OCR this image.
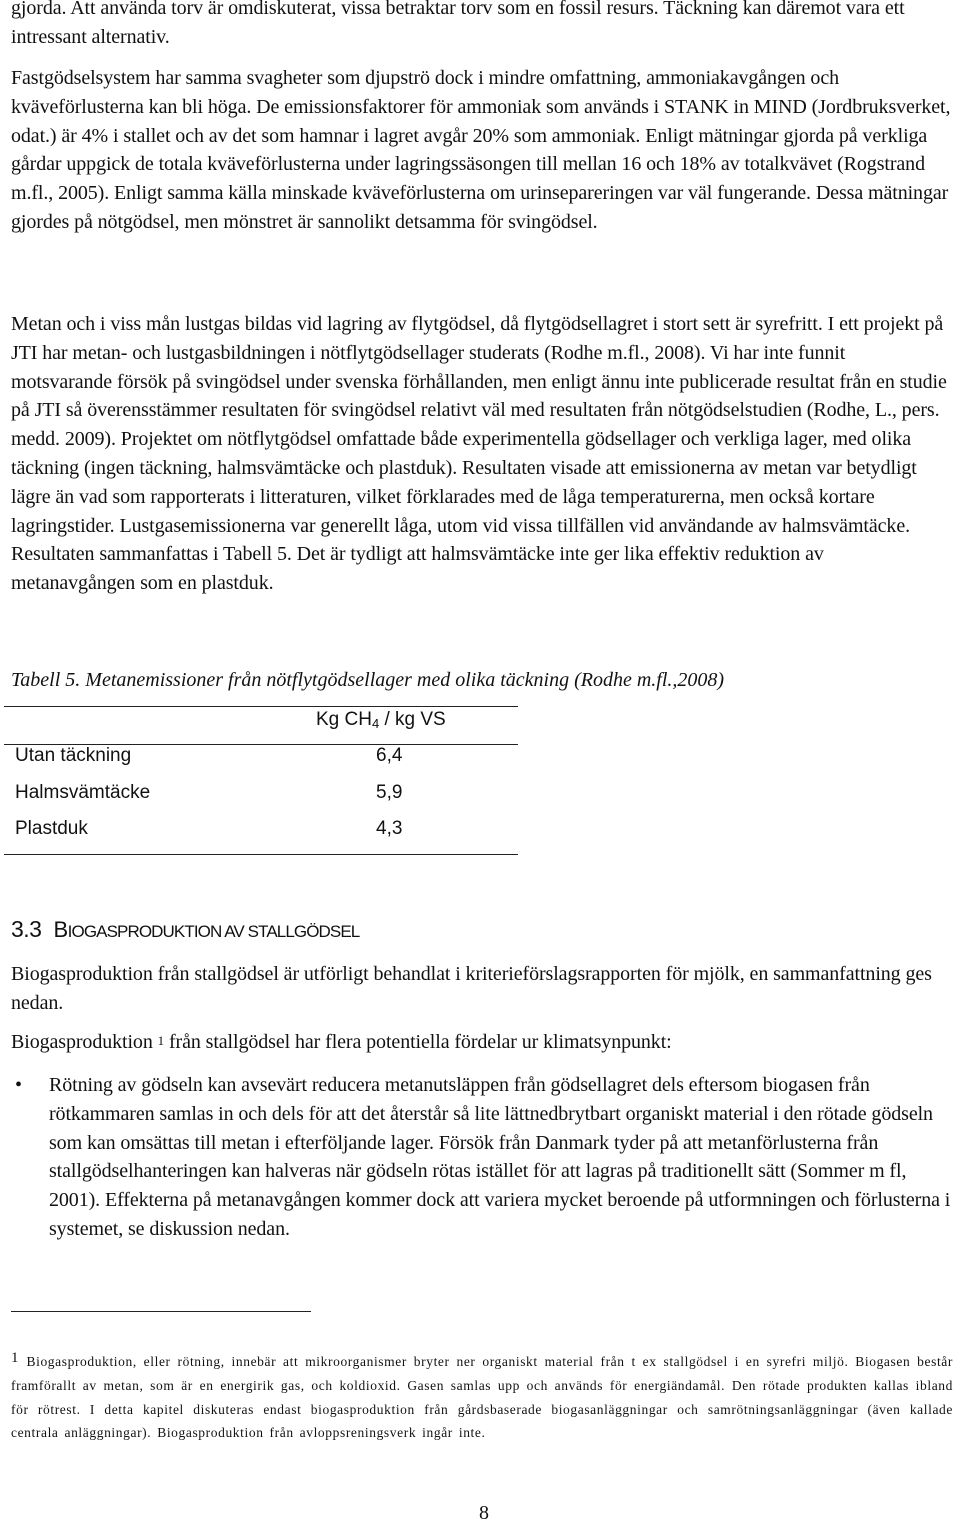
gjorda. Att använda torv är omdiskuterat, vissa betraktar torv som en fossil resurs. Täckning kan däremot vara ett intressant alternativ.

Fastgödselsystem har samma svagheter som djupströ dock i mindre omfattning, ammoniakavgången och kväveförlusterna kan bli höga. De emissionsfaktorer för ammoniak som används i STANK in MIND (Jordbruksverket, odat.) är 4% i stallet och av det som hamnar i lagret avgår 20% som ammoniak. Enligt mätningar gjorda på verkliga gårdar uppgick de totala kväveförlusterna under lagringssäsongen till mellan 16 och 18% av totalkvävet (Rogstrand m.fl., 2005). Enligt samma källa minskade kväveförlusterna om urinsepareringen var väl fungerande. Dessa mätningar gjordes på nötgödsel, men mönstret är sannolikt detsamma för svingödsel.

Metan och i viss mån lustgas bildas vid lagring av flytgödsel, då flytgödsellagret i stort sett är syrefritt. I ett projekt på JTI har metan- och lustgasbildningen i nötflytgödsellager studerats (Rodhe m.fl., 2008). Vi har inte funnit motsvarande försök på svingödsel under svenska förhållanden, men enligt ännu inte publicerade resultat från en studie på JTI så överensstämmer resultaten för svingödsel relativt väl med resultaten från nötgödselstudien (Rodhe, L., pers. medd. 2009). Projektet om nötflytgödsel omfattade både experimentella gödsellager och verkliga lager, med olika täckning (ingen täckning, halmsvämtäcke och plastduk). Resultaten visade att emissionerna av metan var betydligt lägre än vad som rapporterats i litteraturen, vilket förklarades med de låga temperaturerna, men också kortare lagringstider. Lustgasemissionerna var generellt låga, utom vid vissa tillfällen vid användande av halmsvämtäcke. Resultaten sammanfattas i Tabell 5. Det är tydligt att halmsvämtäcke inte ger lika effektiv reduktion av metanavgången som en plastduk.

Tabell 5. Metanemissioner från nötflytgödsellager med olika täckning (Rodhe m.fl.,2008)

Kg $CH_4$ / kg VS
Utan täckning	6,4
Halmsvämtäcke	5,9
Plastduk	4,3
3.3 BIOGASPRODUKTION AV STALLGÖDSEL

Biogasproduktion från stallgödsel är utförligt behandlat i kriterieförslagsrapporten för mjölk, en sammanfattning ges nedan.

Biogasproduktion $^1$ från stallgödsel har flera potentiella fördelar ur klimatsynpunkt:

• Rötning av gödseln kan avsevärt reducera metanutsläppen från gödsellagret dels eftersom biogasen från rötkammaren samlas in och dels för att det återstår så lite lättnedbrytbart organiskt material i den rötade gödseln som kan omsättas till metan i efterföljande lager. Försök från Danmark tyder på att metanförlusterna från stallgödselhanteringen kan halveras när gödseln rötas istället för att lagras på traditionellt sätt (Sommer m fl, 2001). Effekterna på metanavgången kommer dock att variera mycket beroende på utformningen och förlusterna i systemet, se diskussion nedan.

1 Biogasproduktion, eller rötning, innebär att mikroorganismer bryter ner organiskt material från t ex stallgödsel i en syrefri miljö. Biogasen består framförallt av metan, som är en energirik gas, och koldioxid. Gasen samlas upp och används för energiändamål. Den rötade produkten kallas ibland för rötrest. I detta kapitel diskuteras endast biogasproduktion från gårdsbaserade biogasanläggningar och samrötningsanläggningar (även kallade centrala anläggningar). Biogasproduktion från avloppsreningsverk ingår inte.

8
